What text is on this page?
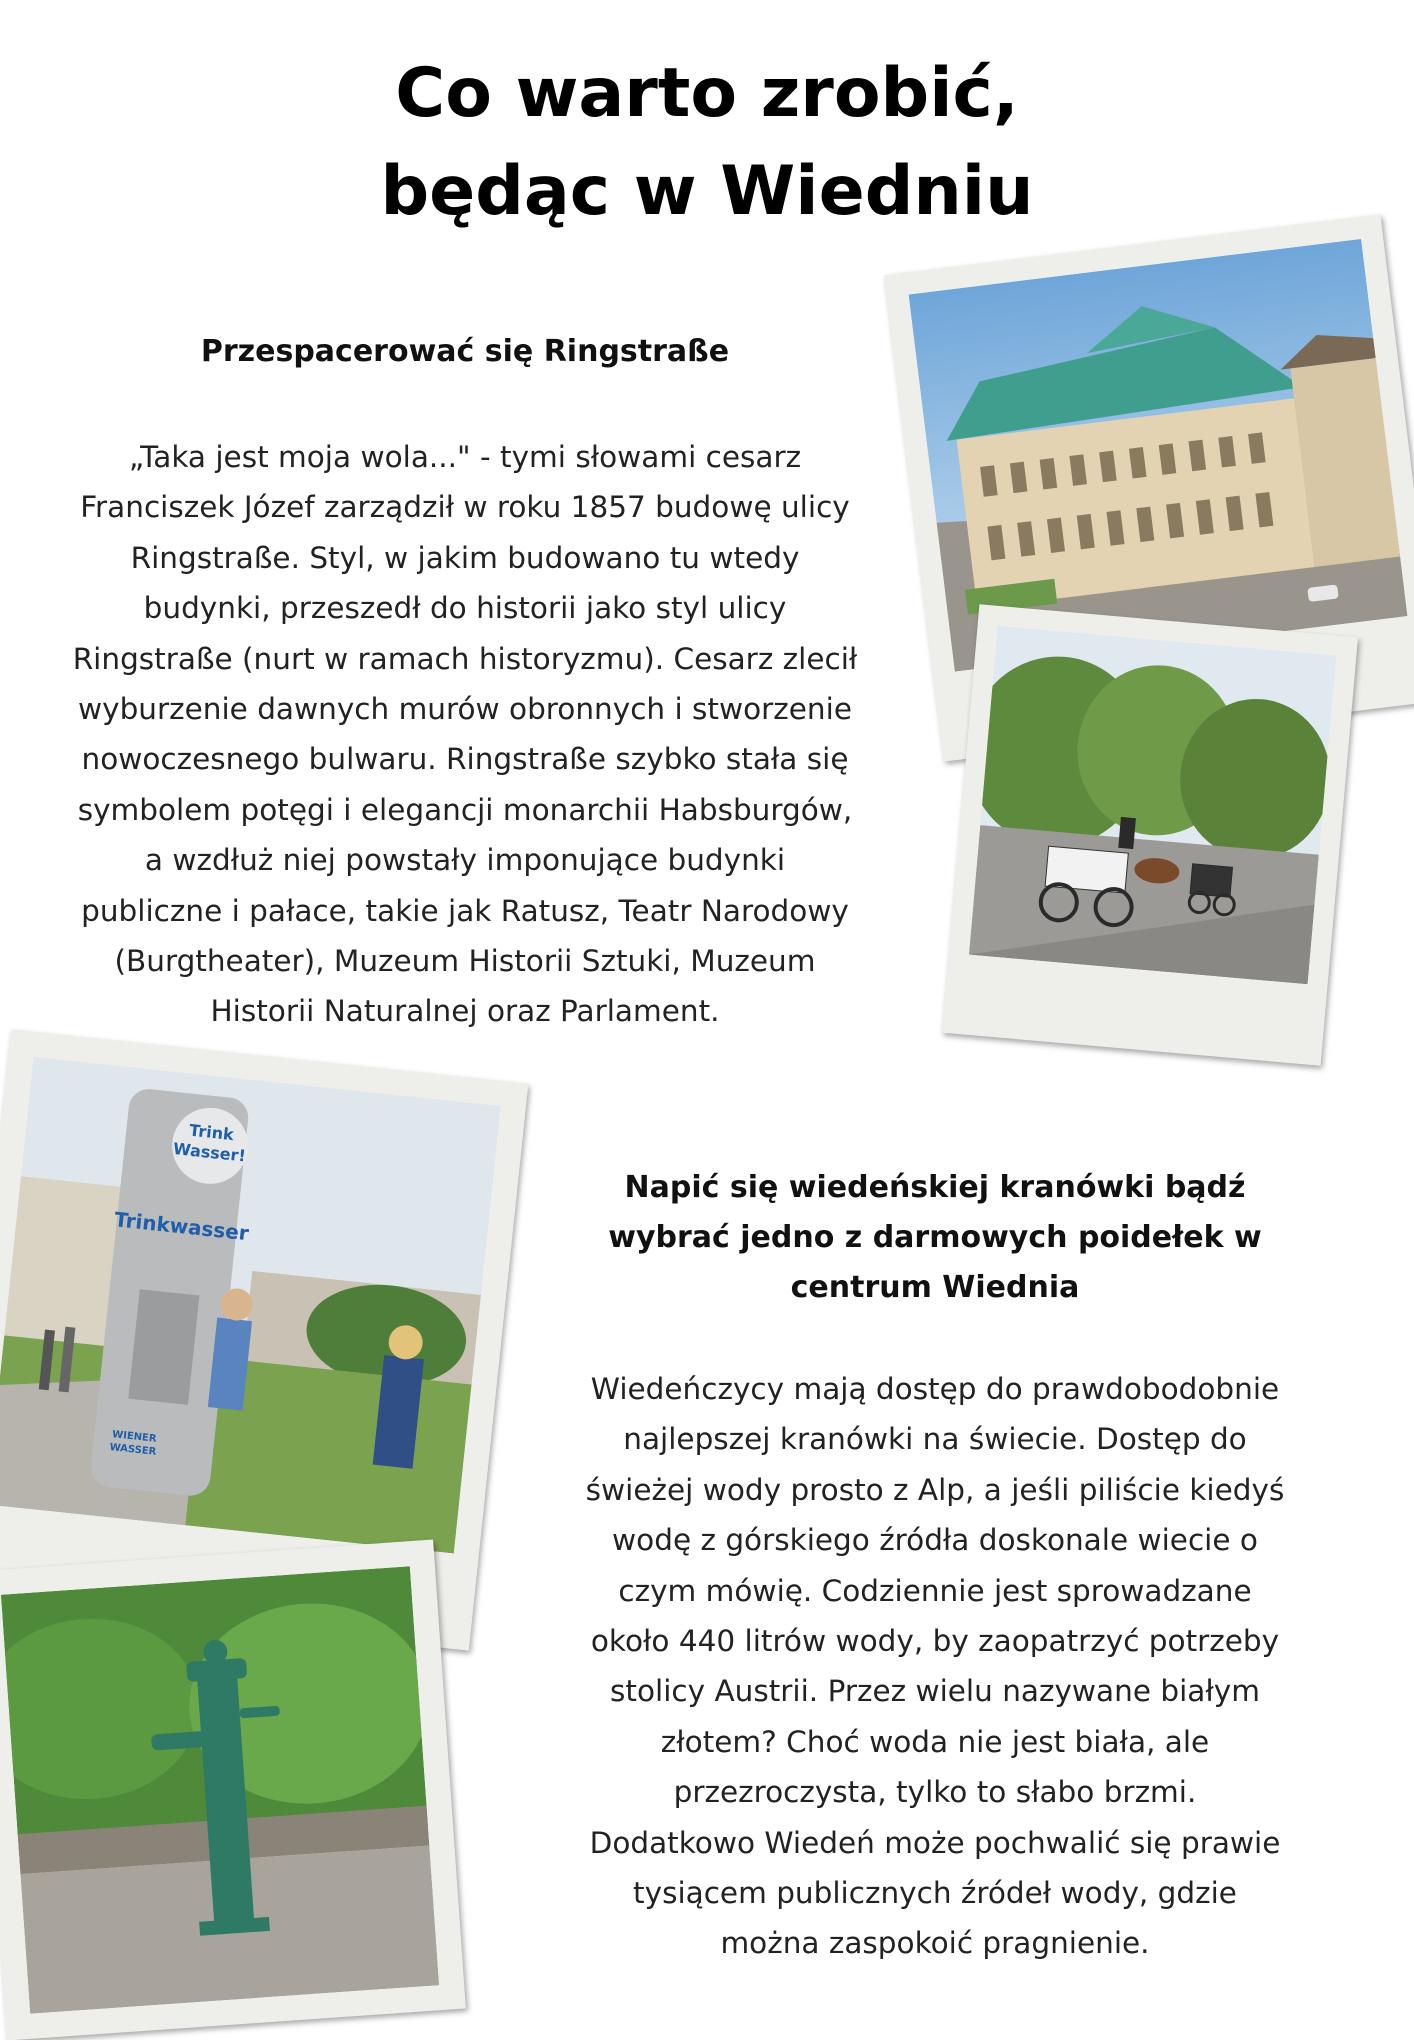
Co warto zrobić,
będąc w Wiedniu
Przespacerować się Ringstraße
„Taka jest moja wola..." - tymi słowami cesarz
Franciszek Józef zarządził w roku 1857 budowę ulicy
Ringstraße. Styl, w jakim budowano tu wtedy
budynki, przeszedł do historii jako styl ulicy
Ringstraße (nurt w ramach historyzmu). Cesarz zlecił
wyburzenie dawnych murów obronnych i stworzenie
nowoczesnego bulwaru. Ringstraße szybko stała się
symbolem potęgi i elegancji monarchii Habsburgów,
a wzdłuż niej powstały imponujące budynki
publiczne i pałace, takie jak Ratusz, Teatr Narodowy
(Burgtheater), Muzeum Historii Sztuki, Muzeum
Historii Naturalnej oraz Parlament.
Napić się wiedeńskiej kranówki bądź
wybrać jedno z darmowych poidełek w
centrum Wiednia
Wiedeńczycy mają dostęp do prawdobodobnie
najlepszej kranówki na świecie. Dostęp do
świeżej wody prosto z Alp, a jeśli piliście kiedyś
wodę z górskiego źródła doskonale wiecie o
czym mówię. Codziennie jest sprowadzane
około 440 litrów wody, by zaopatrzyć potrzeby
stolicy Austrii. Przez wielu nazywane białym
złotem? Choć woda nie jest biała, ale
przezroczysta, tylko to słabo brzmi.
Dodatkowo Wiedeń może pochwalić się prawie
tysiącem publicznych źródeł wody, gdzie
można zaspokoić pragnienie.
Trink
Wasser!
Trinkwasser
WIENER
WASSER
